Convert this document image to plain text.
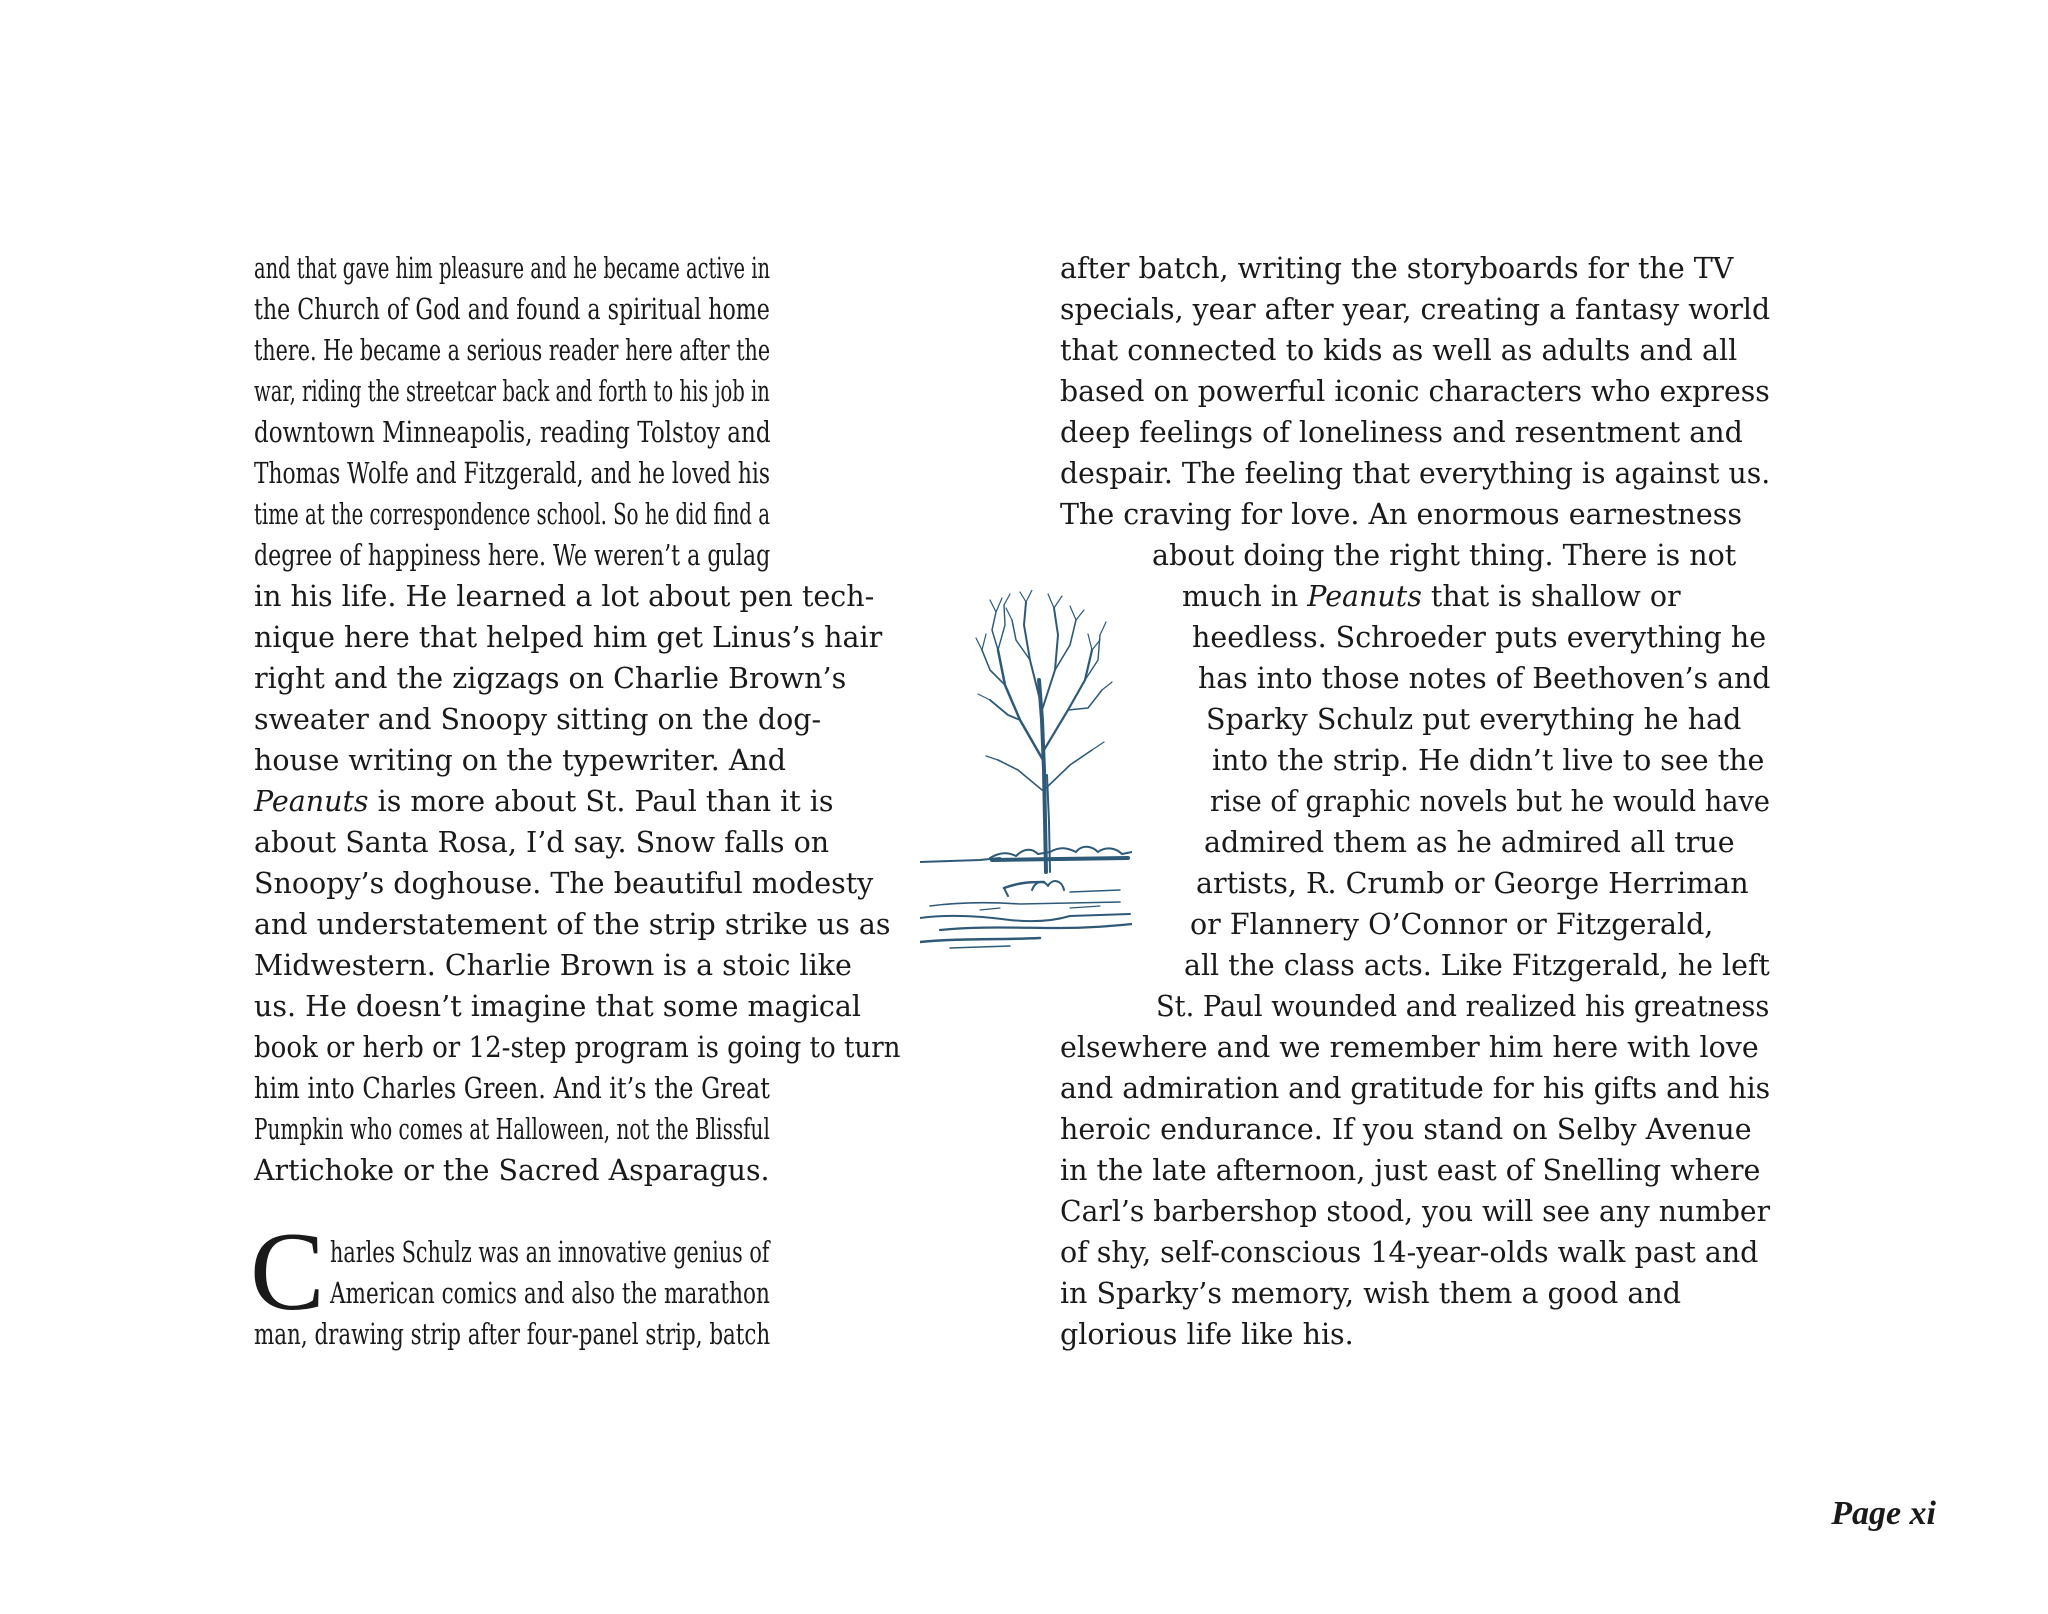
and that gave him pleasure and he became active in

the Church of God and found a spiritual home

there. He became a serious reader here after the

war, riding the streetcar back and forth to his job in

downtown Minneapolis, reading Tolstoy and

Thomas Wolfe and Fitzgerald, and he loved his

time at the correspondence school. So he did find a

degree of happiness here. We weren’t a gulag

in his life. He learned a lot about pen tech-

nique here that helped him get Linus’s hair

right and the zigzags on Charlie Brown’s

sweater and Snoopy sitting on the dog-

house writing on the typewriter. And

Peanuts is more about St. Paul than it is

about Santa Rosa, I’d say. Snow falls on

Snoopy’s doghouse. The beautiful modesty

and understatement of the strip strike us as

Midwestern. Charlie Brown is a stoic like

us. He doesn’t imagine that some magical

book or herb or 12-step program is going to turn

him into Charles Green. And it’s the Great

Pumpkin who comes at Halloween, not the Blissful

Artichoke or the Sacred Asparagus.

C harles Schulz was an innovative genius of

American comics and also the marathon

man, drawing strip after four-panel strip, batch

after batch, writing the storyboards for the TV

specials, year after year, creating a fantasy world

that connected to kids as well as adults and all

based on powerful iconic characters who express

deep feelings of loneliness and resentment and

despair. The feeling that everything is against us.

The craving for love. An enormous earnestness

about doing the right thing. There is not

much in Peanuts that is shallow or

heedless. Schroeder puts everything he

has into those notes of Beethoven’s and

Sparky Schulz put everything he had

into the strip. He didn’t live to see the

rise of graphic novels but he would have

admired them as he admired all true

artists, R. Crumb or George Herriman

or Flannery O’Connor or Fitzgerald,

all the class acts. Like Fitzgerald, he left

St. Paul wounded and realized his greatness

elsewhere and we remember him here with love

and admiration and gratitude for his gifts and his

heroic endurance. If you stand on Selby Avenue

in the late afternoon, just east of Snelling where

Carl’s barbershop stood, you will see any number

of shy, self-conscious 14-year-olds walk past and

in Sparky’s memory, wish them a good and

glorious life like his.

Page xi
